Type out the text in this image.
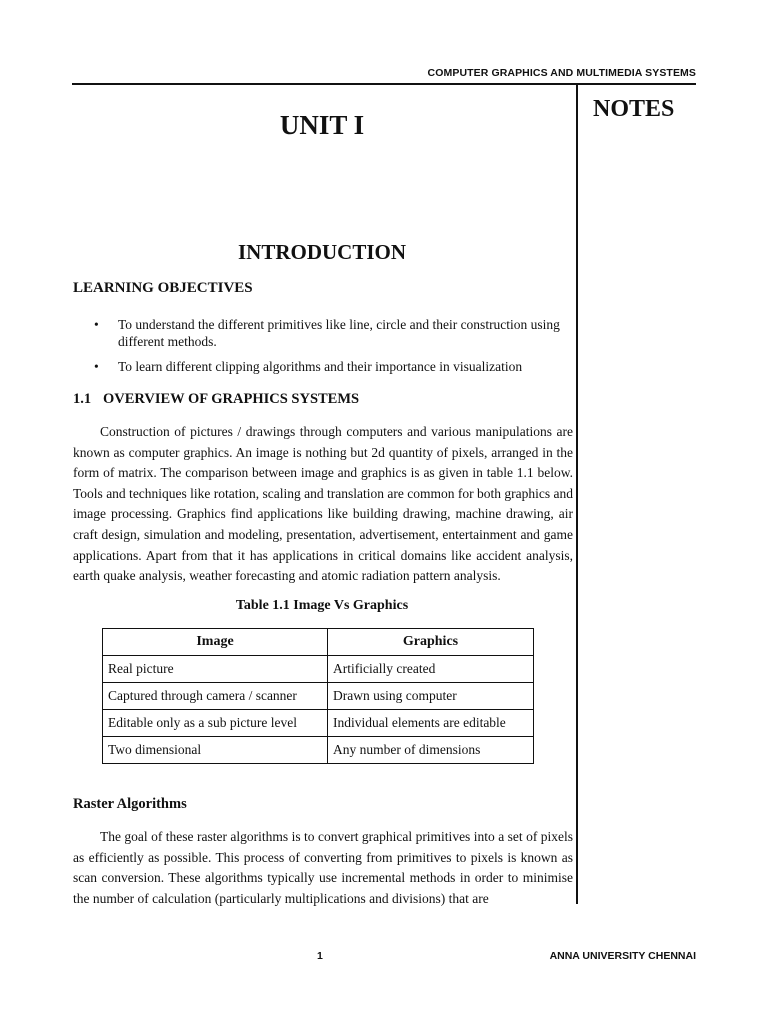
COMPUTER GRAPHICS AND MULTIMEDIA SYSTEMS
NOTES
UNIT I
INTRODUCTION
LEARNING OBJECTIVES
• To understand the different primitives like line, circle and their construction using different methods.
• To learn different clipping algorithms and their importance in visualization
1.1 OVERVIEW OF GRAPHICS SYSTEMS

Construction of pictures / drawings through computers and various manipulations are known as computer graphics. An image is nothing but 2d quantity of pixels, arranged in the form of matrix. The comparison between image and graphics is as given in table 1.1 below. Tools and techniques like rotation, scaling and translation are common for both graphics and image processing. Graphics find applications like building drawing, machine drawing, air craft design, simulation and modeling, presentation, advertisement, entertainment and game applications. Apart from that it has applications in critical domains like accident analysis, earth quake analysis, weather forecasting and atomic radiation pattern analysis.

Table 1.1 Image Vs Graphics
Image	Graphics
Real picture	Artificially created
Captured through camera / scanner	Drawn using computer
Editable only as a sub picture level	Individual elements are editable
Two dimensional	Any number of dimensions
Raster Algorithms

The goal of these raster algorithms is to convert graphical primitives into a set of pixels as efficiently as possible. This process of converting from primitives to pixels is known as scan conversion. These algorithms typically use incremental methods in order to minimise the number of calculation (particularly multiplications and divisions) that are

1	ANNA UNIVERSITY CHENNAI
